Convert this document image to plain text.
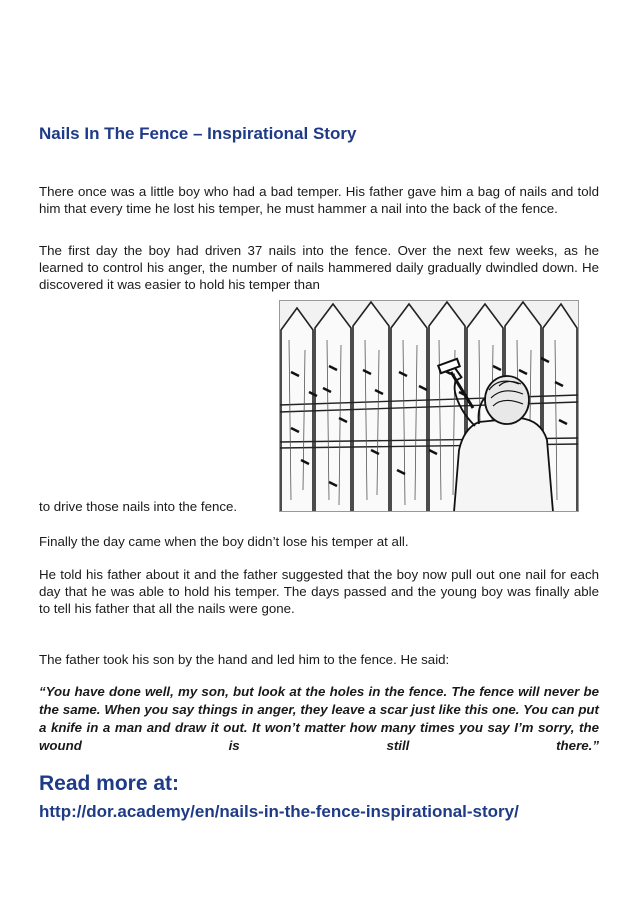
Nails In The Fence – Inspirational Story

There once was a little boy who had a bad temper. His father gave him a bag of nails and told him that every time he lost his temper, he must hammer a nail into the back of the fence.

The first day the boy had driven 37 nails into the fence. Over the next few weeks, as he learned to control his anger, the number of nails hammered daily gradually dwindled down. He discovered it was easier to hold his temper than

to drive those nails into the fence.

Finally the day came when the boy didn’t lose his temper at all.

He told his father about it and the father suggested that the boy now pull out one nail for each day that he was able to hold his temper. The days passed and the young boy was finally able to tell his father that all the nails were gone.

The father took his son by the hand and led him to the fence. He said:

“You have done well, my son, but look at the holes in the fence. The fence will never be the same. When you say things in anger, they leave a scar just like this one. You can put a knife in a man and draw it out. It won’t matter how many times you say I’m sorry, the wound is still there.”

Read more at:
http://dor.academy/en/nails-in-the-fence-inspirational-story/
